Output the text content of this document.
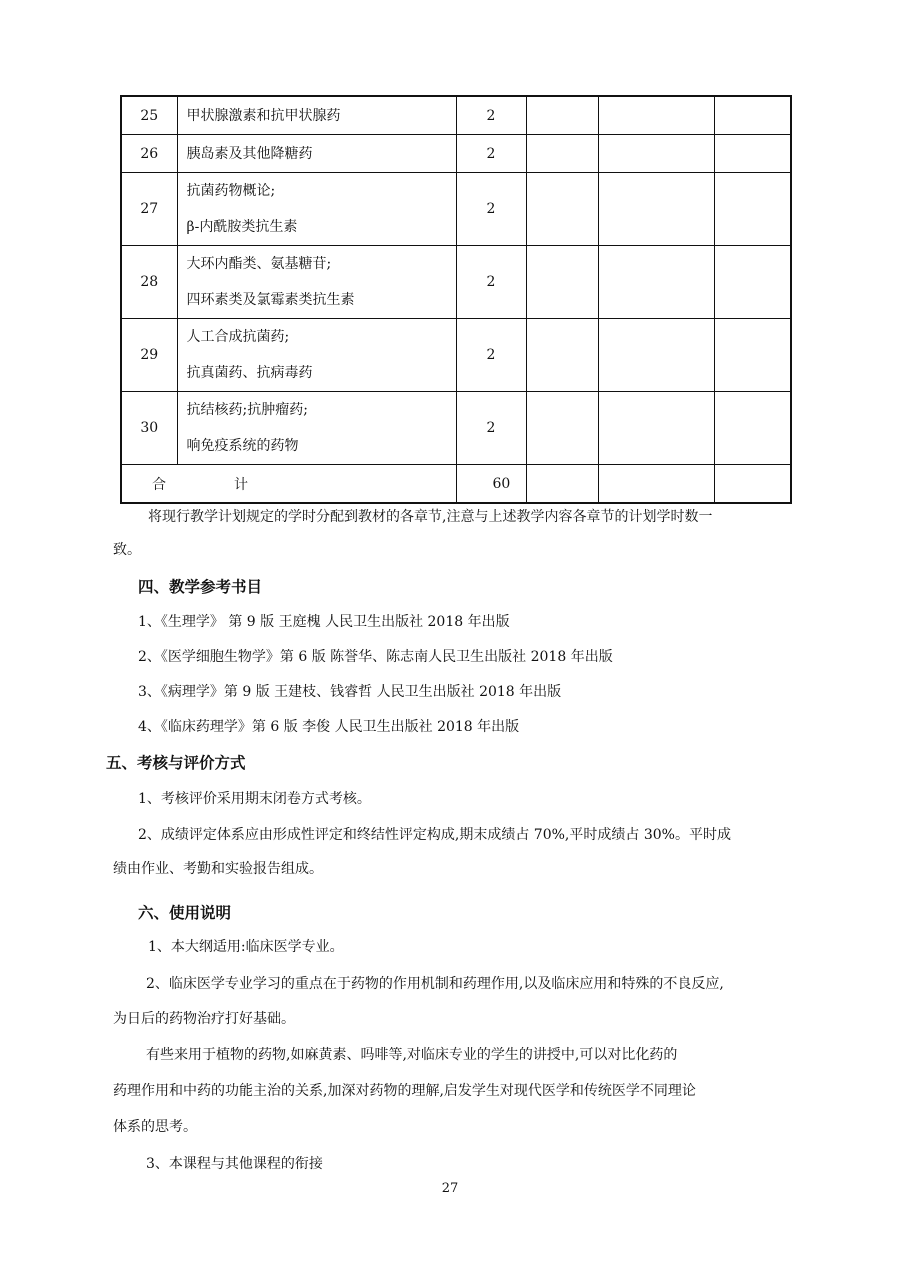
25	甲状腺激素和抗甲状腺药	2			
26	胰岛素及其他降糖药	2			
27	抗菌药物概论;
β-内酰胺类抗生素	2			
28	大环内酯类、氨基糖苷;
四环素类及氯霉素类抗生素	2			
29	人工合成抗菌药;
抗真菌药、抗病毒药	2			
30	抗结核药;抗肿瘤药;
响免疫系统的药物	2			
合 计		60			
将现行教学计划规定的学时分配到教材的各章节,注意与上述教学内容各章节的计划学时数一
致。
四、教学参考书目
1、《生理学》 第 9 版 王庭槐 人民卫生出版社 2018 年出版
2、《医学细胞生物学》第 6 版 陈誉华、陈志南人民卫生出版社 2018 年出版
3、《病理学》第 9 版 王建枝、钱睿哲 人民卫生出版社 2018 年出版
4、《临床药理学》第 6 版 李俊 人民卫生出版社 2018 年出版
五、考核与评价方式
1、考核评价采用期末闭卷方式考核。
2、成绩评定体系应由形成性评定和终结性评定构成,期末成绩占 70%,平时成绩占 30%。平时成
绩由作业、考勤和实验报告组成。
六、使用说明
1、本大纲适用:临床医学专业。
2、临床医学专业学习的重点在于药物的作用机制和药理作用,以及临床应用和特殊的不良反应,
为日后的药物治疗打好基础。
有些来用于植物的药物,如麻黄素、吗啡等,对临床专业的学生的讲授中,可以对比化药的
药理作用和中药的功能主治的关系,加深对药物的理解,启发学生对现代医学和传统医学不同理论
体系的思考。
3、本课程与其他课程的衔接
27
